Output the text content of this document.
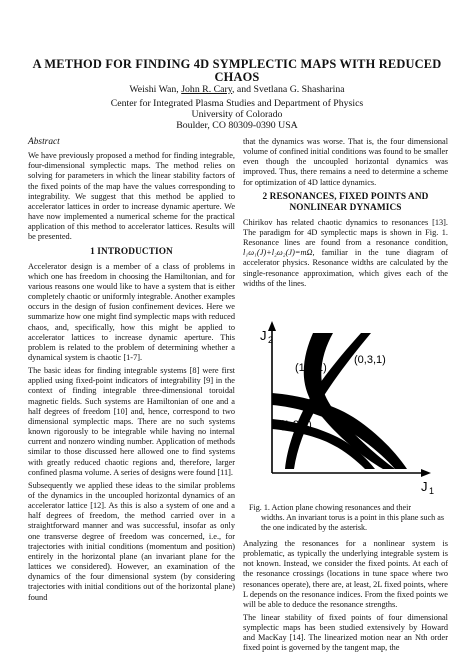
A METHOD FOR FINDING 4D SYMPLECTIC MAPS WITH REDUCED CHAOS
Weishi Wan, John R. Cary, and Svetlana G. Shasharina
Center for Integrated Plasma Studies and Department of Physics
University of Colorado
Boulder, CO 80309-0390 USA
Abstract

We have previously proposed a method for finding integrable, four-dimensional symplectic maps. The method relies on solving for parameters in which the linear stability factors of the fixed points of the map have the values corresponding to integrability. We suggest that this method be applied to accelerator lattices in order to increase dynamic aperture. We have now implemented a numerical scheme for the practical application of this method to accelerator lattices. Results will be presented.

1 INTRODUCTION

Accelerator design is a member of a class of problems in which one has freedom in choosing the Hamiltonian, and for various reasons one would like to have a system that is either completely chaotic or uniformly integrable. Another examples occurs in the design of fusion confinement devices. Here we summarize how one might find symplectic maps with reduced chaos, and, specifically, how this might be applied to accelerator lattices to increase dynamic aperture. This problem is related to the problem of determining whether a dynamical system is chaotic [1-7].

The basic ideas for finding integrable systems [8] were first applied using fixed-point indicators of integrability [9] in the context of finding integrable three-dimensional toroidal magnetic fields. Such systems are Hamiltonian of one and a half degrees of freedom [10] and, hence, correspond to two dimensional symplectic maps. There are no such systems known rigorously to be integrable while having no internal current and nonzero winding number. Application of methods similar to those discussed here allowed one to find systems with greatly reduced chaotic regions and, therefore, larger confined plasma volume. A series of designs were found [11].

Subsequently we applied these ideas to the similar problems of the dynamics in the uncoupled horizontal dynamics of an accelerator lattice [12]. As this is also a system of one and a half degrees of freedom, the method carried over in a straightforward manner and was successful, insofar as only one transverse degree of freedom was concerned, i.e., for trajectories with initial conditions (momentum and position) entirely in the horizontal plane (an invariant plane for the lattices we considered). However, an examination of the dynamics of the four dimensional system (by considering trajectories with initial conditions out of the horizontal plane) found

that the dynamics was worse. That is, the four dimensional volume of confined initial conditions was found to be smaller even though the uncoupled horizontal dynamics was improved. Thus, there remains a need to determine a scheme for optimization of 4D lattice dynamics.

2 RESONANCES, FIXED POINTS AND NONLINEAR DYNAMICS

Chirikov has related chaotic dynamics to resonances [13]. The paradigm for 4D symplectic maps is shown in Fig. 1. Resonance lines are found from a resonance condition, l₁ω₁(J)+l₂ω₂(J)=mΩ, familiar in the tune diagram of accelerator physics. Resonance widths are calculated by the single-resonance approximation, which gives each of the widths of the lines.

J 2
J 1
(1,2,1)
(0,3,1)
(1,2,0)
Fig. 1. Action plane chowing resonances and their
widths. An invariant torus is a point in this plane such as the one indicated by the asterisk.

Analyzing the resonances for a nonlinear system is problematic, as typically the underlying integrable system is not known. Instead, we consider the fixed points. At each of the resonance crossings (locations in tune space where two resonances operate), there are, at least, 2L fixed points, where L depends on the resonance indices. From the fixed points we will be able to deduce the resonance strengths.

The linear stability of fixed points of four dimensional symplectic maps has been studied extensively by Howard and MacKay [14]. The linearized motion near an Nth order fixed point is governed by the tangent map, the
